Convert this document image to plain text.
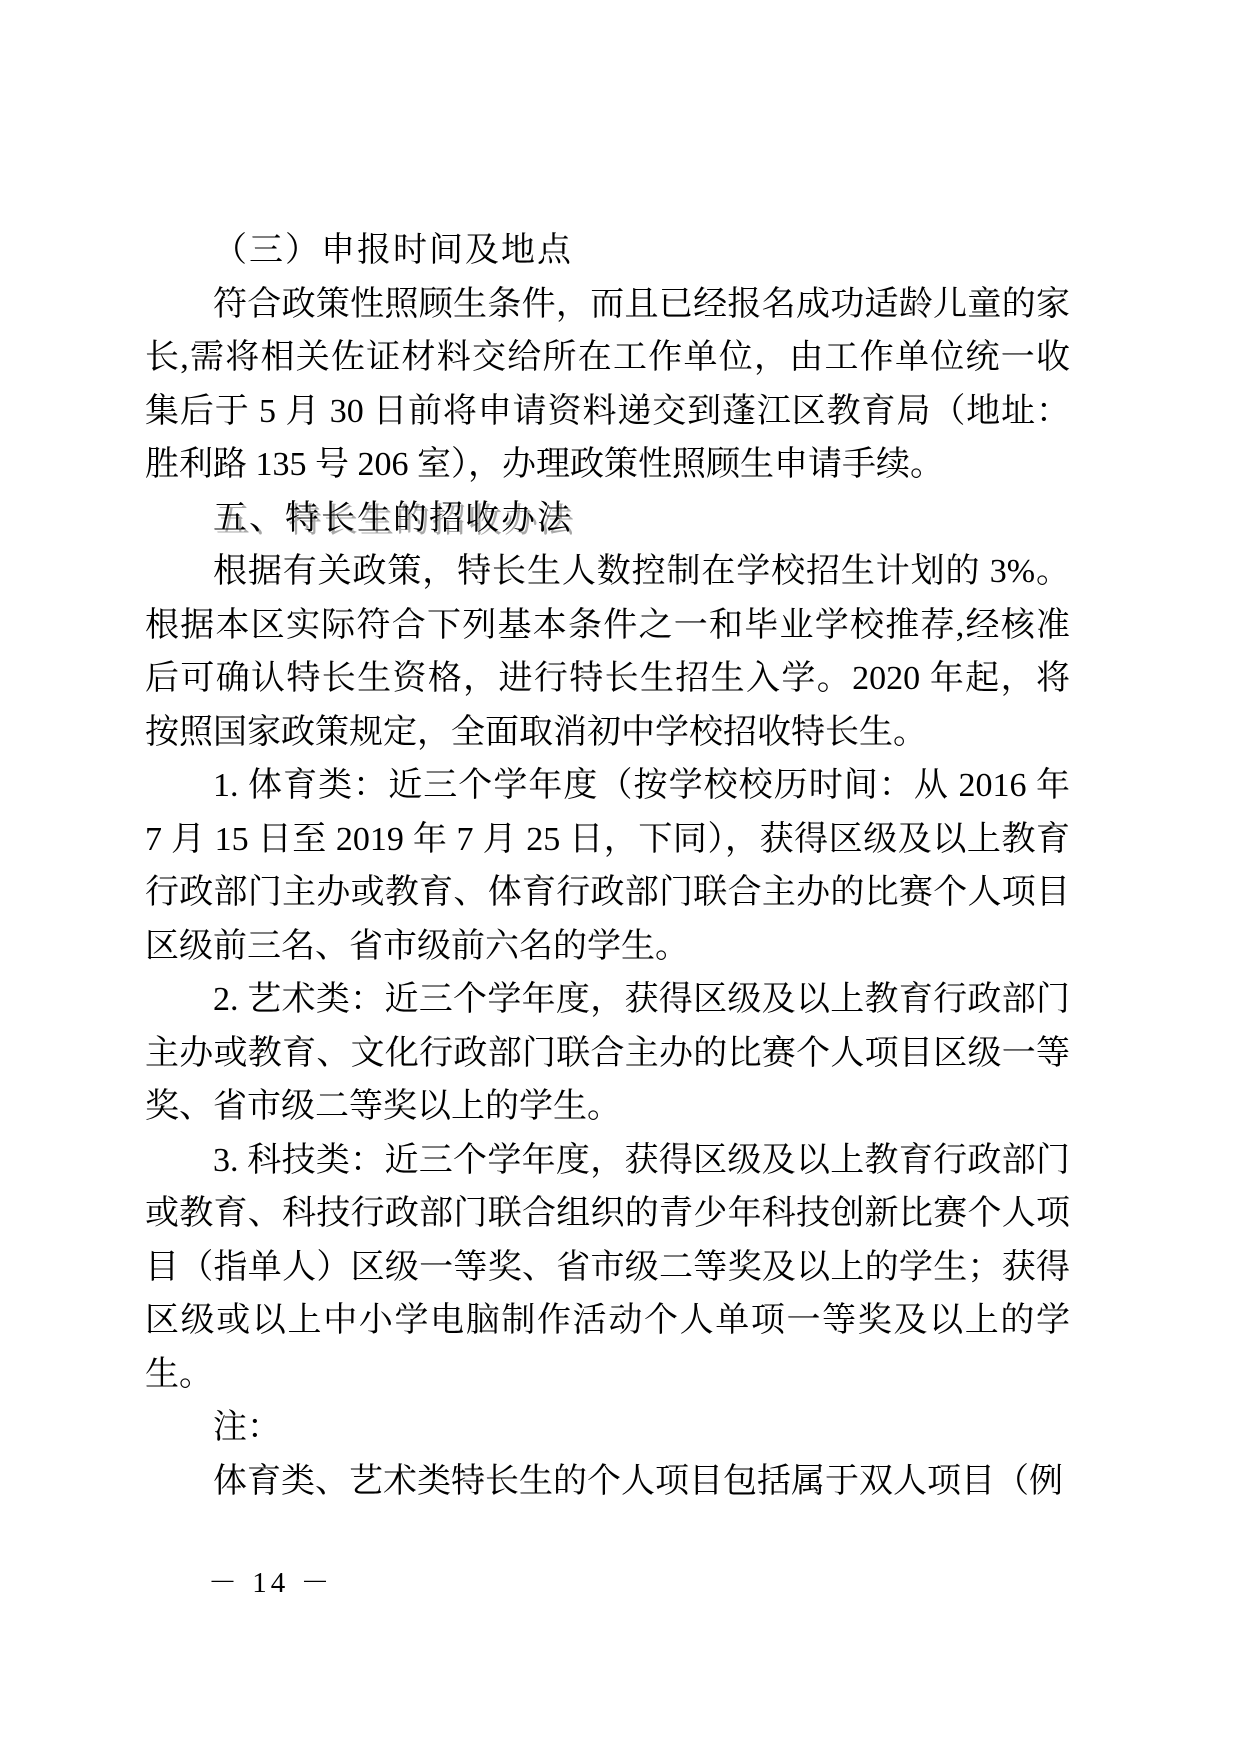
（三）申报时间及地点

符合政策性照顾生条件，而且已经报名成功适龄儿童的家长,需将相关佐证材料交给所在工作单位，由工作单位统一收集后于 5 月 30 日前将申请资料递交到蓬江区教育局（地址：胜利路 135 号 206 室），办理政策性照顾生申请手续。

五、特长生的招收办法

根据有关政策，特长生人数控制在学校招生计划的 3%。根据本区实际符合下列基本条件之一和毕业学校推荐,经核准后可确认特长生资格，进行特长生招生入学。2020 年起，将按照国家政策规定，全面取消初中学校招收特长生。

1. 体育类：近三个学年度（按学校校历时间：从 2016 年 7 月 15 日至 2019 年 7 月 25 日，下同），获得区级及以上教育行政部门主办或教育、体育行政部门联合主办的比赛个人项目区级前三名、省市级前六名的学生。

2. 艺术类：近三个学年度，获得区级及以上教育行政部门主办或教育、文化行政部门联合主办的比赛个人项目区级一等奖、省市级二等奖以上的学生。

3. 科技类：近三个学年度，获得区级及以上教育行政部门或教育、科技行政部门联合组织的青少年科技创新比赛个人项目（指单人）区级一等奖、省市级二等奖及以上的学生；获得区级或以上中小学电脑制作活动个人单项一等奖及以上的学生。

注：

体育类、艺术类特长生的个人项目包括属于双人项目（例

－ 14 －
